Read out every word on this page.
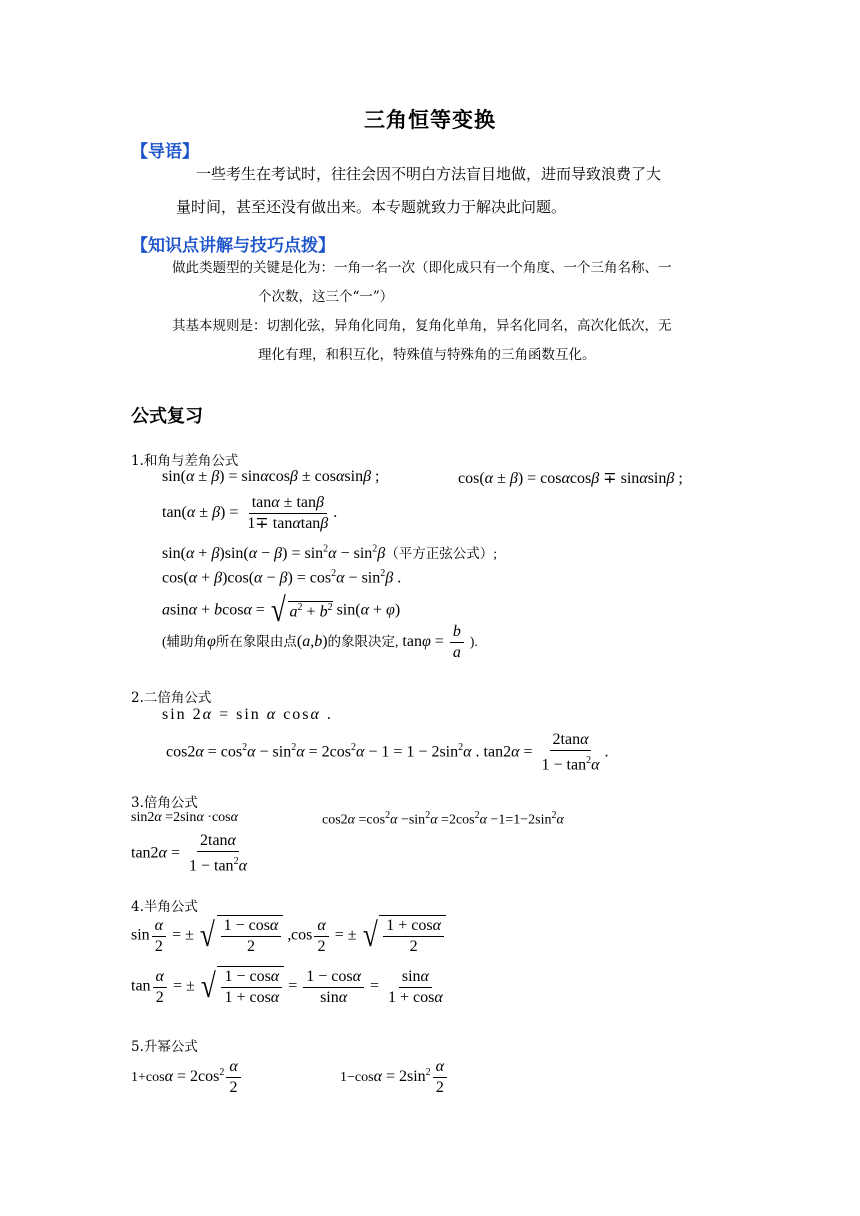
三角恒等变换
【导语】
一些考生在考试时，往往会因不明白方法盲目地做，进而导致浪费了大
量时间，甚至还没有做出来。本专题就致力于解决此问题。
【知识点讲解与技巧点拨】
做此类题型的关键是化为：一角一名一次（即化成只有一个角度、一个三角名称、一
个次数，这三个“一”）
其基本规则是：切割化弦，异角化同角，复角化单角，异名化同名，高次化低次，无
理化有理，和积互化，特殊值与特殊角的三角函数互化。
公式复习
1.和角与差角公式
sin(α ± β) = sinαcosβ ± cosαsinβ ;	cos(α ± β) = cosαcosβ ∓ sinαsinβ ;
$\tan(\alpha \pm \beta) = \frac{\tan\alpha \pm \tan\beta}{1\mp \tan\alpha\tan\beta}$ .
$\sin(\alpha + \beta)\sin(\alpha - \beta) = \sin^2\alpha - \sin^2\beta$（平方正弦公式）;
$\cos(\alpha + \beta)\cos(\alpha - \beta) = \cos^2\alpha - \sin^2\beta$ .
asinα + bcosα = √ $a^2 + b^2$ sin(α + φ)
(辅助角φ所在象限由点(a,b)的象限决定, $\tan\varphi = \frac{b}{a}$ ).
2.二倍角公式
sin 2α = sin α cosα .
$\cos 2\alpha = \cos^2\alpha - \sin^2\alpha = 2\cos^2\alpha - 1 = 1 - 2\sin^2\alpha$ . $\tan 2\alpha = \frac{2\tan\alpha}{1 - \tan^2\alpha}$ .
3.倍角公式
sin2α =2sinα ·cosα	$\cos 2\alpha =\cos^2\alpha -\sin^2\alpha =2\cos^2\alpha -1=1-2\sin^2\alpha$
$\tan 2\alpha = \frac{2\tan\alpha}{1 - \tan^2\alpha}$
4.半角公式
$\sin \frac{\alpha}{2}$ = ± √ $\frac{1 - \cos\alpha}{2}$ , $\cos \frac{\alpha}{2}$ = ± √ $\frac{1 + \cos\alpha}{2}$
$\tan \frac{\alpha}{2}$ = ± √ $\frac{1 - \cos\alpha}{1 + \cos\alpha} = \frac{1 - \cos\alpha}{\sin\alpha} = \frac{\sin\alpha}{1 + \cos\alpha}$
5.升幂公式
$1+\cos\alpha = 2\cos^2 \frac{\alpha}{2}$	$1-\cos\alpha = 2\sin^2 \frac{\alpha}{2}$
